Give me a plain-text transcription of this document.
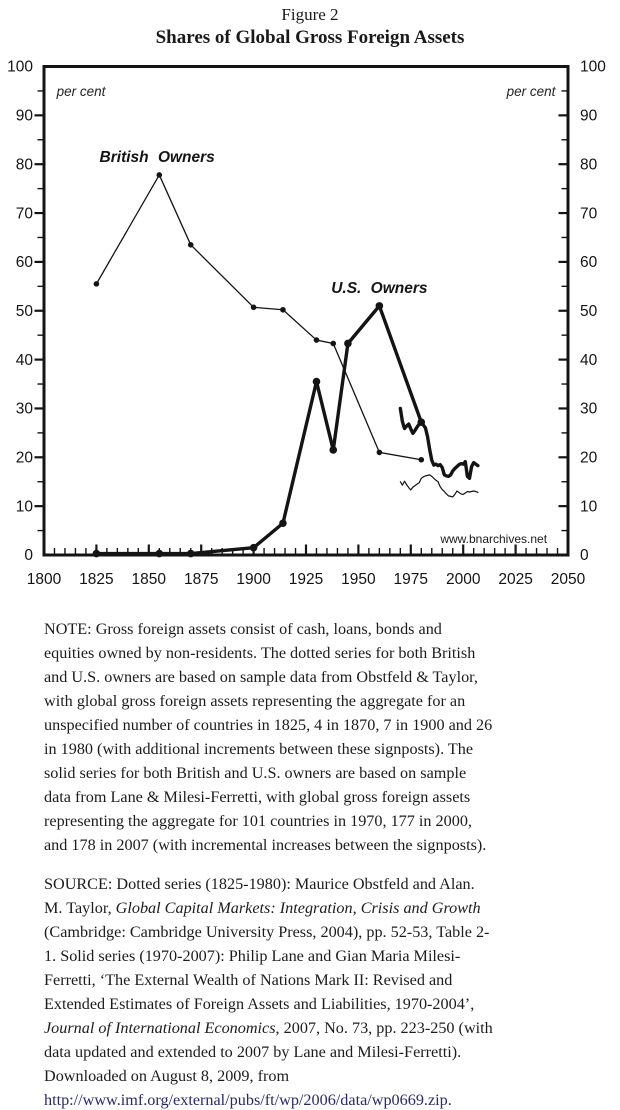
Figure 2
Shares of Global Gross Foreign Assets
1800 1825 1850 1875 1900 1925 1950 1975 2000 2025 2050
0
10
20
30
40
50
60
70
80
90
100
0
10
20
30
40
50
60
70
80
90
100
per cent	per cent
British Owners
U.S. Owners
www.bnarchives.net
NOTE: Gross foreign assets consist of cash, loans, bonds and
equities owned by non-residents. The dotted series for both British
and U.S. owners are based on sample data from Obstfeld & Taylor,
with global gross foreign assets representing the aggregate for an
unspecified number of countries in 1825, 4 in 1870, 7 in 1900 and 26
in 1980 (with additional increments between these signposts). The
solid series for both British and U.S. owners are based on sample
data from Lane & Milesi-Ferretti, with global gross foreign assets
representing the aggregate for 101 countries in 1970, 177 in 2000,
and 178 in 2007 (with incremental increases between the signposts).
SOURCE: Dotted series (1825-1980): Maurice Obstfeld and Alan.
M. Taylor, Global Capital Markets: Integration, Crisis and Growth
(Cambridge: Cambridge University Press, 2004), pp. 52-53, Table 2-
1. Solid series (1970-2007): Philip Lane and Gian Maria Milesi-
Ferretti, ‘The External Wealth of Nations Mark II: Revised and
Extended Estimates of Foreign Assets and Liabilities, 1970-2004’,
Journal of International Economics, 2007, No. 73, pp. 223-250 (with
data updated and extended to 2007 by Lane and Milesi-Ferretti).
Downloaded on August 8, 2009, from
http://www.imf.org/external/pubs/ft/wp/2006/data/wp0669.zip.
